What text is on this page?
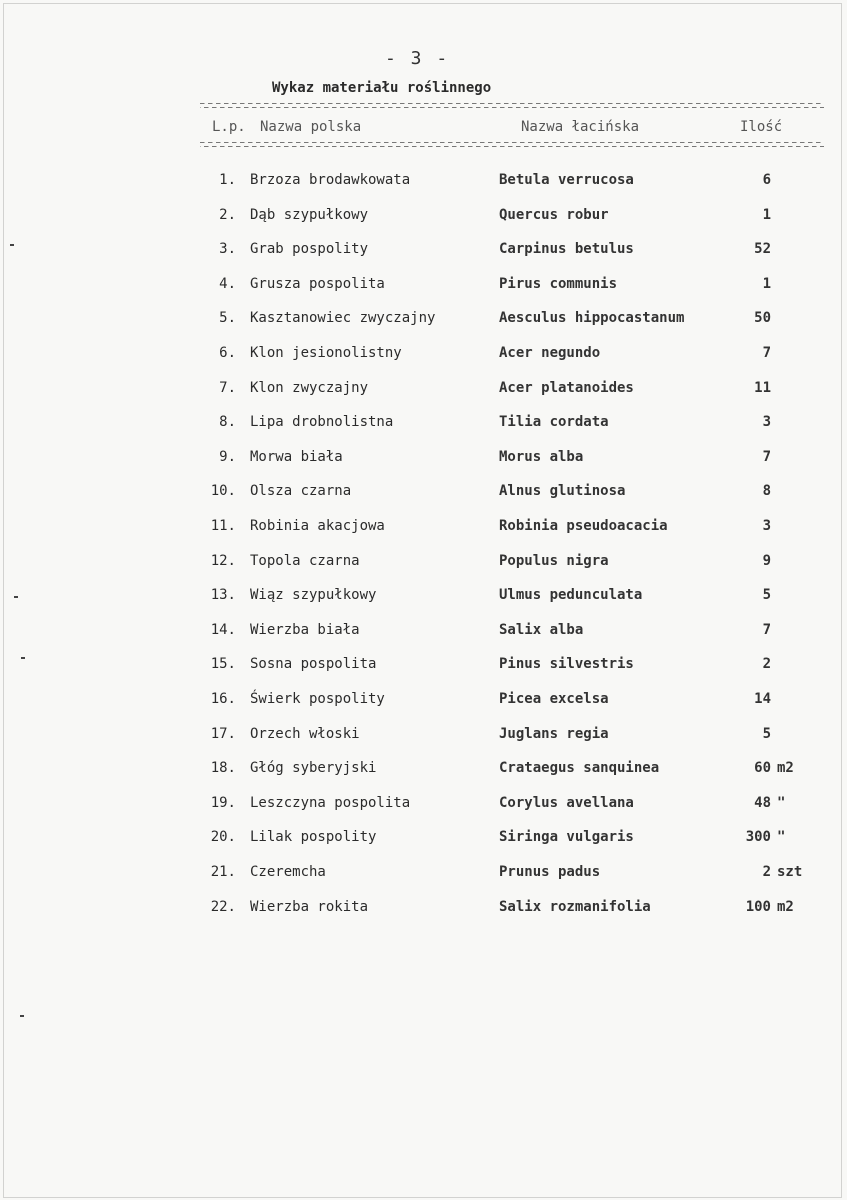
- 3 -
Wykaz materiału roślinnego
L.p. Nazwa polska	Nazwa łacińska	Ilość
1. Brzoza brodawkowata	Betula verrucosa	6
2. Dąb szypułkowy	Quercus robur	1
3. Grab pospolity	Carpinus betulus	52
4. Grusza pospolita	Pirus communis	1
5. Kasztanowiec zwyczajny	Aesculus hippocastanum	50
6. Klon jesionolistny	Acer negundo	7
7. Klon zwyczajny	Acer platanoides	11
8. Lipa drobnolistna	Tilia cordata	3
9. Morwa biała	Morus alba	7
10. Olsza czarna	Alnus glutinosa	8
11. Robinia akacjowa	Robinia pseudoacacia	3
12. Topola czarna	Populus nigra	9
13. Wiąz szypułkowy	Ulmus pedunculata	5
14. Wierzba biała	Salix alba	7
15. Sosna pospolita	Pinus silvestris	2
16. Świerk pospolity	Picea excelsa	14
17. Orzech włoski	Juglans regia	5
18. Głóg syberyjski	Crataegus sanquinea	60 m2
19. Leszczyna pospolita	Corylus avellana	48 "
20. Lilak pospolity	Siringa vulgaris	300 "
21. Czeremcha	Prunus padus	2 szt
22. Wierzba rokita	Salix rozmanifolia	100 m2
